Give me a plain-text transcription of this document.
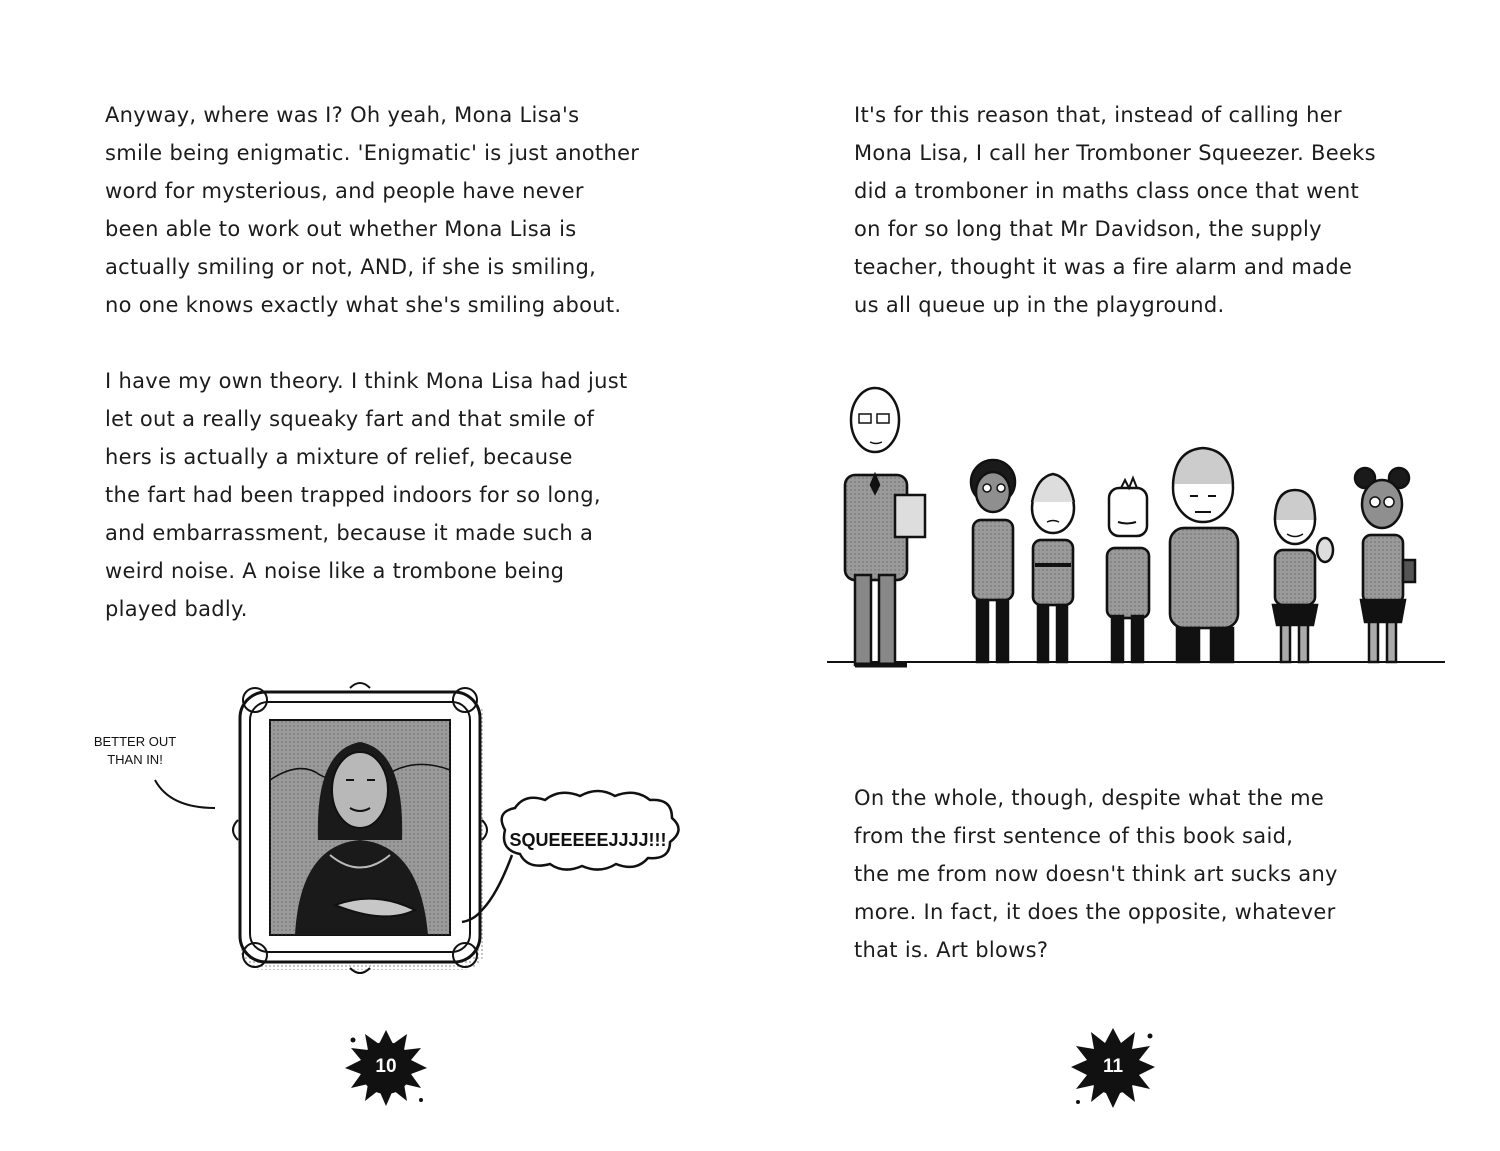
Anyway, where was I? Oh yeah, Mona Lisa's
smile being enigmatic. 'Enigmatic' is just another
word for mysterious, and people have never
been able to work out whether Mona Lisa is
actually smiling or not, AND, if she is smiling,
no one knows exactly what she's smiling about.

I have my own theory. I think Mona Lisa had just
let out a really squeaky fart and that smile of
hers is actually a mixture of relief, because
the fart had been trapped indoors for so long,
and embarrassment, because it made such a
weird noise. A noise like a trombone being
played badly.

BETTER OUT
THAN IN!
SQUEEEEEJJJJ!!!
10

It's for this reason that, instead of calling her
Mona Lisa, I call her Tromboner Squeezer. Beeks
did a tromboner in maths class once that went
on for so long that Mr Davidson, the supply
teacher, thought it was a fire alarm and made
us all queue up in the playground.

On the whole, though, despite what the me
from the first sentence of this book said,
the me from now doesn't think art sucks any
more. In fact, it does the opposite, whatever
that is. Art blows?

11
